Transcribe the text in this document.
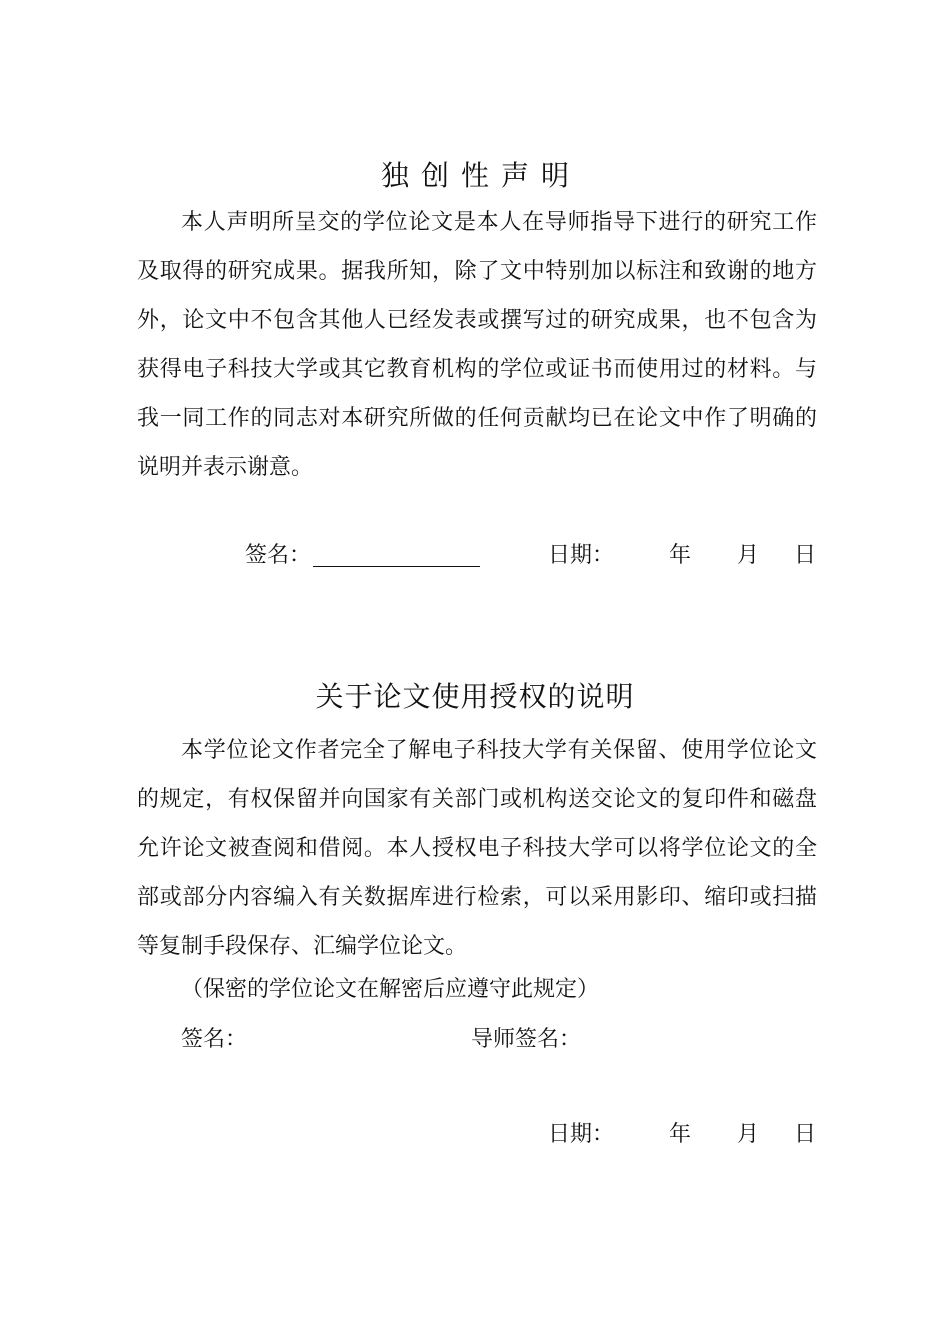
独创性声明

本人声明所呈交的学位论文是本人在导师指导下进行的研究工作及取得的研究成果。据我所知，除了文中特别加以标注和致谢的地方外，论文中不包含其他人已经发表或撰写过的研究成果，也不包含为获得电子科技大学或其它教育机构的学位或证书而使用过的材料。与我一同工作的同志对本研究所做的任何贡献均已在论文中作了明确的说明并表示谢意。

签名：	日期： 年 月 日
关于论文使用授权的说明

本学位论文作者完全了解电子科技大学有关保留、使用学位论文的规定，有权保留并向国家有关部门或机构送交论文的复印件和磁盘允许论文被查阅和借阅。本人授权电子科技大学可以将学位论文的全部或部分内容编入有关数据库进行检索，可以采用影印、缩印或扫描等复制手段保存、汇编学位论文。

（保密的学位论文在解密后应遵守此规定）
签名：	导师签名：
日期： 年 月 日
